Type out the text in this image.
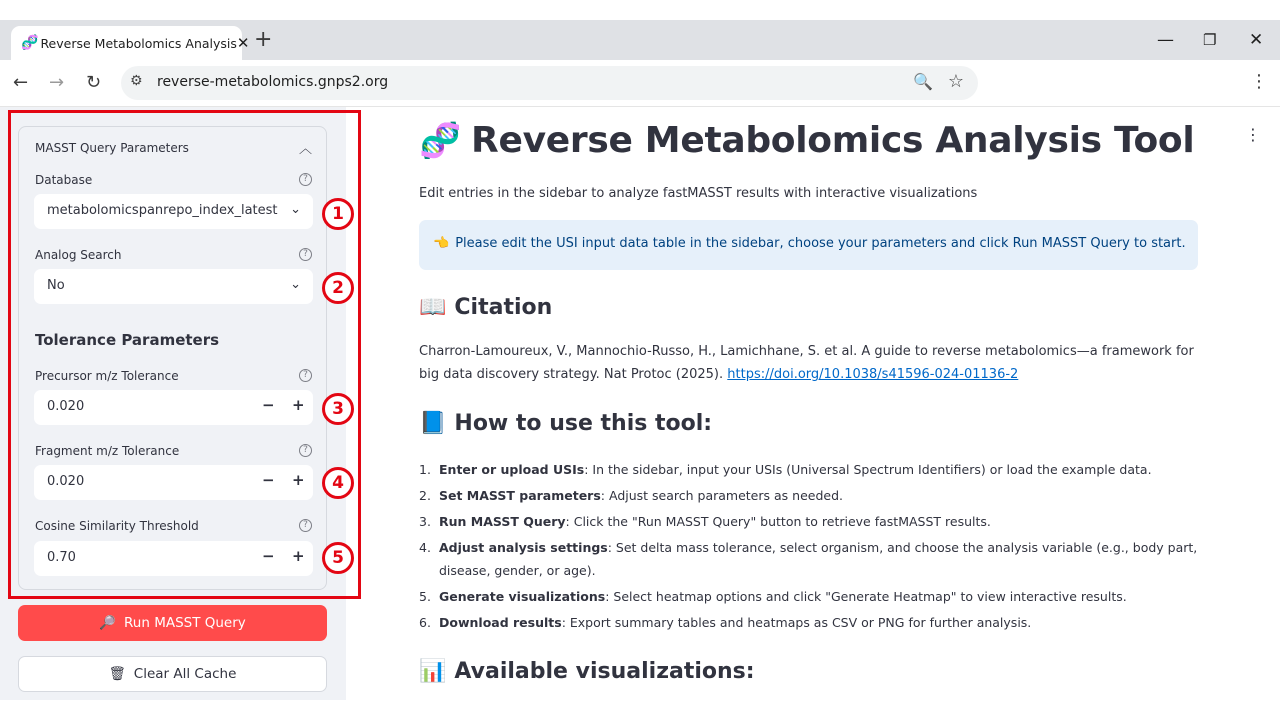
🧬 Reverse Metabolomics Analysis ✕ +	— ❐ ✕
← → ↻ ⚙ reverse-metabolomics.gnps2.org	🔍 ☆	⋮
MASST Query Parameters	︿
Database	?
metabolomicspanrepo_index_latest ⌄
Analog Search	?
No	⌄
Tolerance Parameters
Precursor m/z Tolerance	?
0.020	− +
Fragment m/z Tolerance	?
0.020	− +
Cosine Similarity Threshold	?
0.70	− +
🔎 Run MASST Query
🗑 Clear All Cache
1
2
3
4
5
⋮
🧬 Reverse Metabolomics Analysis Tool
Edit entries in the sidebar to analyze fastMASST results with interactive visualizations
👈 Please edit the USI input data table in the sidebar, choose your parameters and click Run MASST Query to start.
📖 Citation
Charron-Lamoureux, V., Mannochio-Russo, H., Lamichhane, S. et al. A guide to reverse metabolomics—a framework for big data discovery strategy. Nat Protoc (2025). https://doi.org/10.1038/s41596-024-01136-2
📘 How to use this tool:
1. Enter or upload USIs: In the sidebar, input your USIs (Universal Spectrum Identifiers) or load the example data.
2. Set MASST parameters: Adjust search parameters as needed.
3. Run MASST Query: Click the "Run MASST Query" button to retrieve fastMASST results.
4. Adjust analysis settings: Set delta mass tolerance, select organism, and choose the analysis variable (e.g., body part, disease, gender, or age).
5. Generate visualizations: Select heatmap options and click "Generate Heatmap" to view interactive results.
6. Download results: Export summary tables and heatmaps as CSV or PNG for further analysis.
📊 Available visualizations:
